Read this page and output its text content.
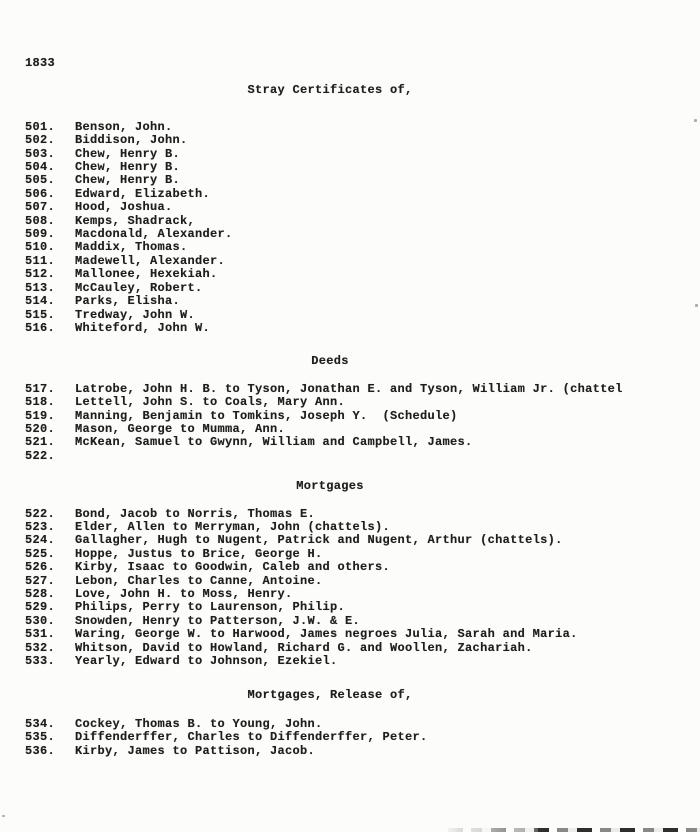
1833
Stray Certificates of,
501.	Benson, John.
502.	Biddison, John.
503.	Chew, Henry B.
504.	Chew, Henry B.
505.	Chew, Henry B.
506.	Edward, Elizabeth.
507.	Hood, Joshua.
508.	Kemps, Shadrack,
509.	Macdonald, Alexander.
510.	Maddix, Thomas.
511.	Madewell, Alexander.
512.	Mallonee, Hexekiah.
513.	McCauley, Robert.
514.	Parks, Elisha.
515.	Tredway, John W.
516.	Whiteford, John W.
Deeds
517.	Latrobe, John H. B. to Tyson, Jonathan E. and Tyson, William Jr. (chattel
518.	Lettell, John S. to Coals, Mary Ann.
519.	Manning, Benjamin to Tomkins, Joseph Y.  (Schedule)
520.	Mason, George to Mumma, Ann.
521.	McKean, Samuel to Gwynn, William and Campbell, James.
522.
Mortgages
522.	Bond, Jacob to Norris, Thomas E.
523.	Elder, Allen to Merryman, John (chattels).
524.	Gallagher, Hugh to Nugent, Patrick and Nugent, Arthur (chattels).
525.	Hoppe, Justus to Brice, George H.
526.	Kirby, Isaac to Goodwin, Caleb and others.
527.	Lebon, Charles to Canne, Antoine.
528.	Love, John H. to Moss, Henry.
529.	Philips, Perry to Laurenson, Philip.
530.	Snowden, Henry to Patterson, J.W. & E.
531.	Waring, George W. to Harwood, James negroes Julia, Sarah and Maria.
532.	Whitson, David to Howland, Richard G. and Woollen, Zachariah.
533.	Yearly, Edward to Johnson, Ezekiel.
Mortgages, Release of,
534.	Cockey, Thomas B. to Young, John.
535.	Diffenderffer, Charles to Diffenderffer, Peter.
536.	Kirby, James to Pattison, Jacob.
